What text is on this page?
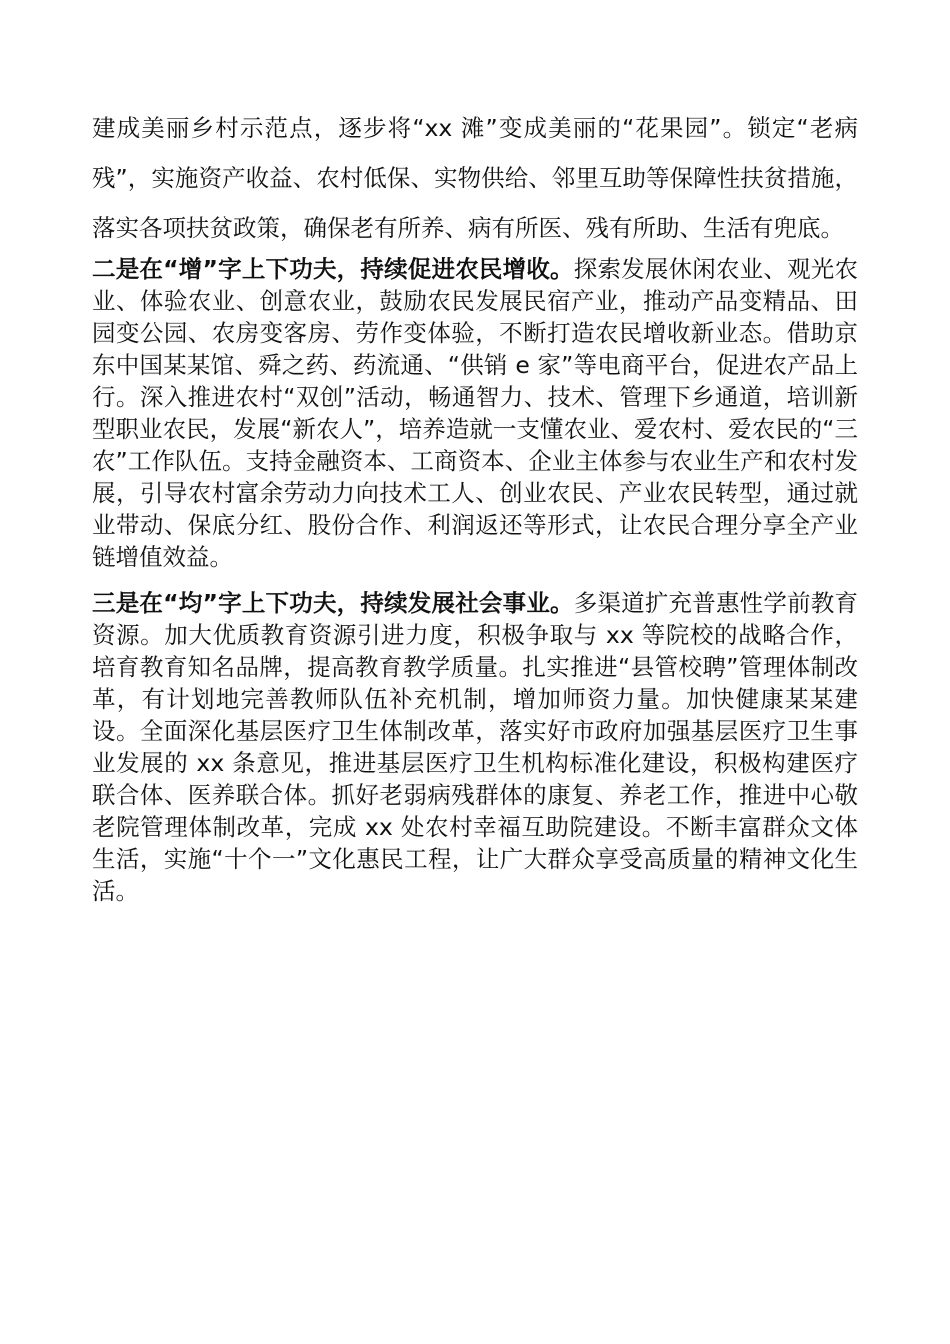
建成美丽乡村示范点，逐步将“xx 滩”变成美丽的“花果园”。锁定“老病残”，实施资产收益、农村低保、实物供给、邻里互助等保障性扶贫措施，落实各项扶贫政策，确保老有所养、病有所医、残有所助、生活有兜底。

二是在“增”字上下功夫，持续促进农民增收。探索发展休闲农业、观光农业、体验农业、创意农业，鼓励农民发展民宿产业，推动产品变精品、田园变公园、农房变客房、劳作变体验，不断打造农民增收新业态。借助京东中国某某馆、舜之药、药流通、“供销 e 家”等电商平台，促进农产品上行。深入推进农村“双创”活动，畅通智力、技术、管理下乡通道，培训新型职业农民，发展“新农人”，培养造就一支懂农业、爱农村、爱农民的“三农”工作队伍。支持金融资本、工商资本、企业主体参与农业生产和农村发展，引导农村富余劳动力向技术工人、创业农民、产业农民转型，通过就业带动、保底分红、股份合作、利润返还等形式，让农民合理分享全产业链增值效益。

三是在“均”字上下功夫，持续发展社会事业。多渠道扩充普惠性学前教育资源。加大优质教育资源引进力度，积极争取与 xx 等院校的战略合作，培育教育知名品牌，提高教育教学质量。扎实推进“县管校聘”管理体制改革，有计划地完善教师队伍补充机制，增加师资力量。加快健康某某建设。全面深化基层医疗卫生体制改革，落实好市政府加强基层医疗卫生事业发展的 xx 条意见，推进基层医疗卫生机构标准化建设，积极构建医疗联合体、医养联合体。抓好老弱病残群体的康复、养老工作，推进中心敬老院管理体制改革，完成 xx 处农村幸福互助院建设。不断丰富群众文体生活，实施“十个一”文化惠民工程，让广大群众享受高质量的精神文化生活。
